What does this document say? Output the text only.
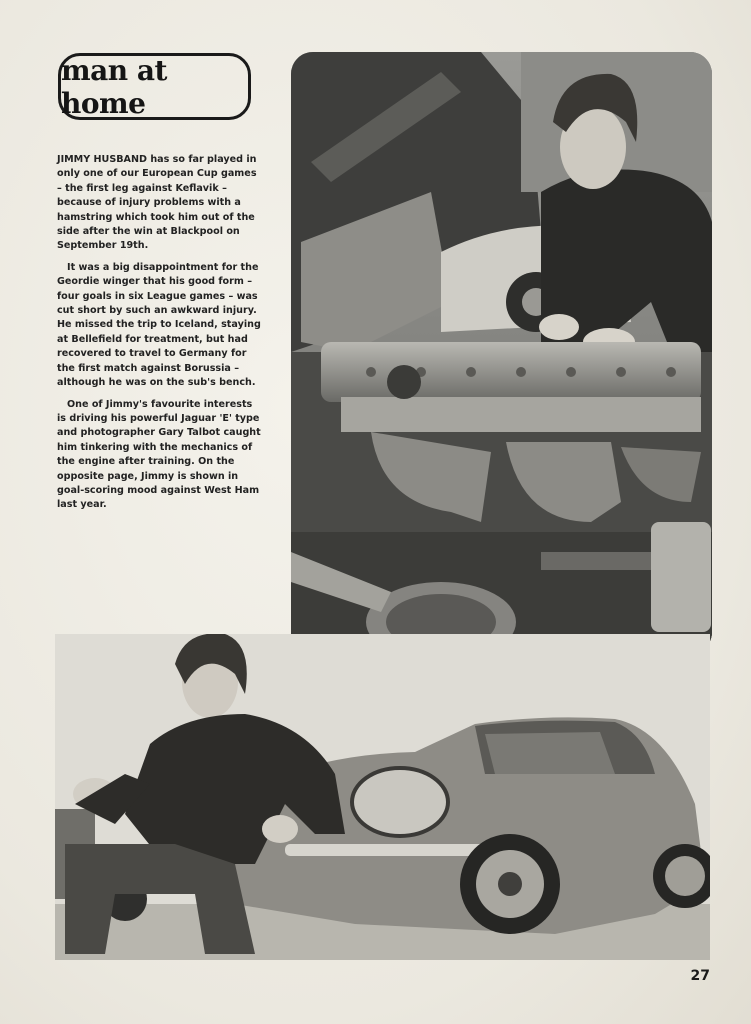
man at home

JIMMY HUSBAND has so far played in only one of our European Cup games – the first leg against Keflavik – because of injury problems with a hamstring which took him out of the side after the win at Blackpool on September 19th.

It was a big disappointment for the Geordie winger that his good form – four goals in six League games – was cut short by such an awkward injury. He missed the trip to Iceland, staying at Bellefield for treatment, but had recovered to travel to Germany for the first match against Borussia – although he was on the sub's bench.

One of Jimmy's favourite interests is driving his powerful Jaguar 'E' type and photographer Gary Talbot caught him tinkering with the mechanics of the engine after training. On the opposite page, Jimmy is shown in goal-scoring mood against West Ham last year.

27
